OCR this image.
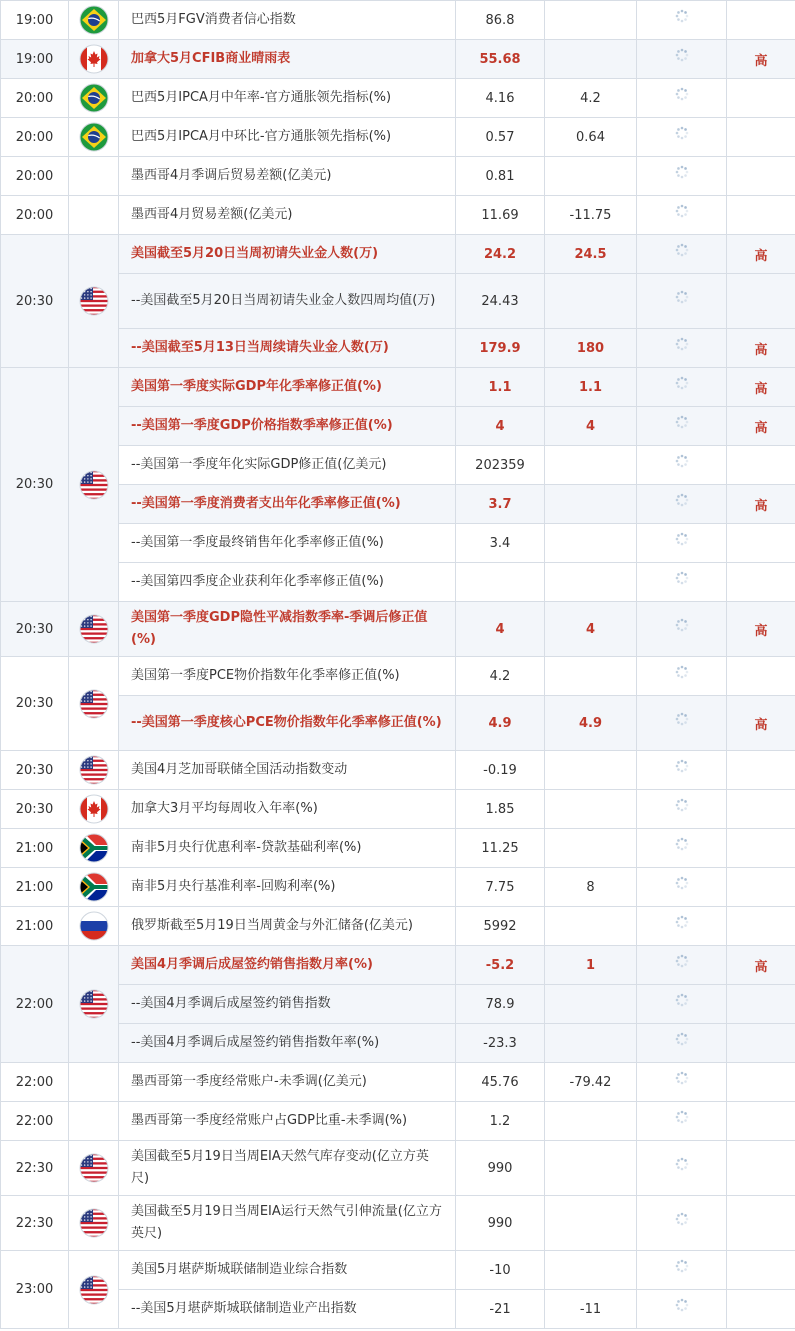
19:00		巴西5月FGV消费者信心指数	86.8			
19:00		加拿大5月CFIB商业晴雨表	55.68			高
20:00		巴西5月IPCA月中年率-官方通胀领先指标(%)	4.16	4.2		
20:00		巴西5月IPCA月中环比-官方通胀领先指标(%)	0.57	0.64		
20:00		墨西哥4月季调后贸易差额(亿美元)	0.81			
20:00		墨西哥4月贸易差额(亿美元)	11.69	-11.75		
20:30		美国截至5月20日当周初请失业金人数(万)	24.2	24.5		高
		--美国截至5月20日当周初请失业金人数四周均值(万)	24.43			
		--美国截至5月13日当周续请失业金人数(万)	179.9	180		高
20:30		美国第一季度实际GDP年化季率修正值(%)	1.1	1.1		高
		--美国第一季度GDP价格指数季率修正值(%)	4	4		高
		--美国第一季度年化实际GDP修正值(亿美元)	202359			
		--美国第一季度消费者支出年化季率修正值(%)	3.7			高
		--美国第一季度最终销售年化季率修正值(%)	3.4			
		--美国第四季度企业获利年化季率修正值(%)				
20:30		美国第一季度GDP隐性平减指数季率-季调后修正值(%)	4	4		高
20:30		美国第一季度PCE物价指数年化季率修正值(%)	4.2			
		--美国第一季度核心PCE物价指数年化季率修正值(%)	4.9	4.9		高
20:30		美国4月芝加哥联储全国活动指数变动	-0.19			
20:30		加拿大3月平均每周收入年率(%)	1.85			
21:00		南非5月央行优惠利率-贷款基础利率(%)	11.25			
21:00		南非5月央行基准利率-回购利率(%)	7.75	8		
21:00		俄罗斯截至5月19日当周黄金与外汇储备(亿美元)	5992			
22:00		美国4月季调后成屋签约销售指数月率(%)	-5.2	1		高
		--美国4月季调后成屋签约销售指数	78.9			
		--美国4月季调后成屋签约销售指数年率(%)	-23.3			
22:00		墨西哥第一季度经常账户-未季调(亿美元)	45.76	-79.42		
22:00		墨西哥第一季度经常账户占GDP比重-未季调(%)	1.2			
22:30		美国截至5月19日当周EIA天然气库存变动(亿立方英尺)	990			
22:30		美国截至5月19日当周EIA运行天然气引伸流量(亿立方英尺)	990			
23:00		美国5月堪萨斯城联储制造业综合指数	-10			
		--美国5月堪萨斯城联储制造业产出指数	-21	-11		
